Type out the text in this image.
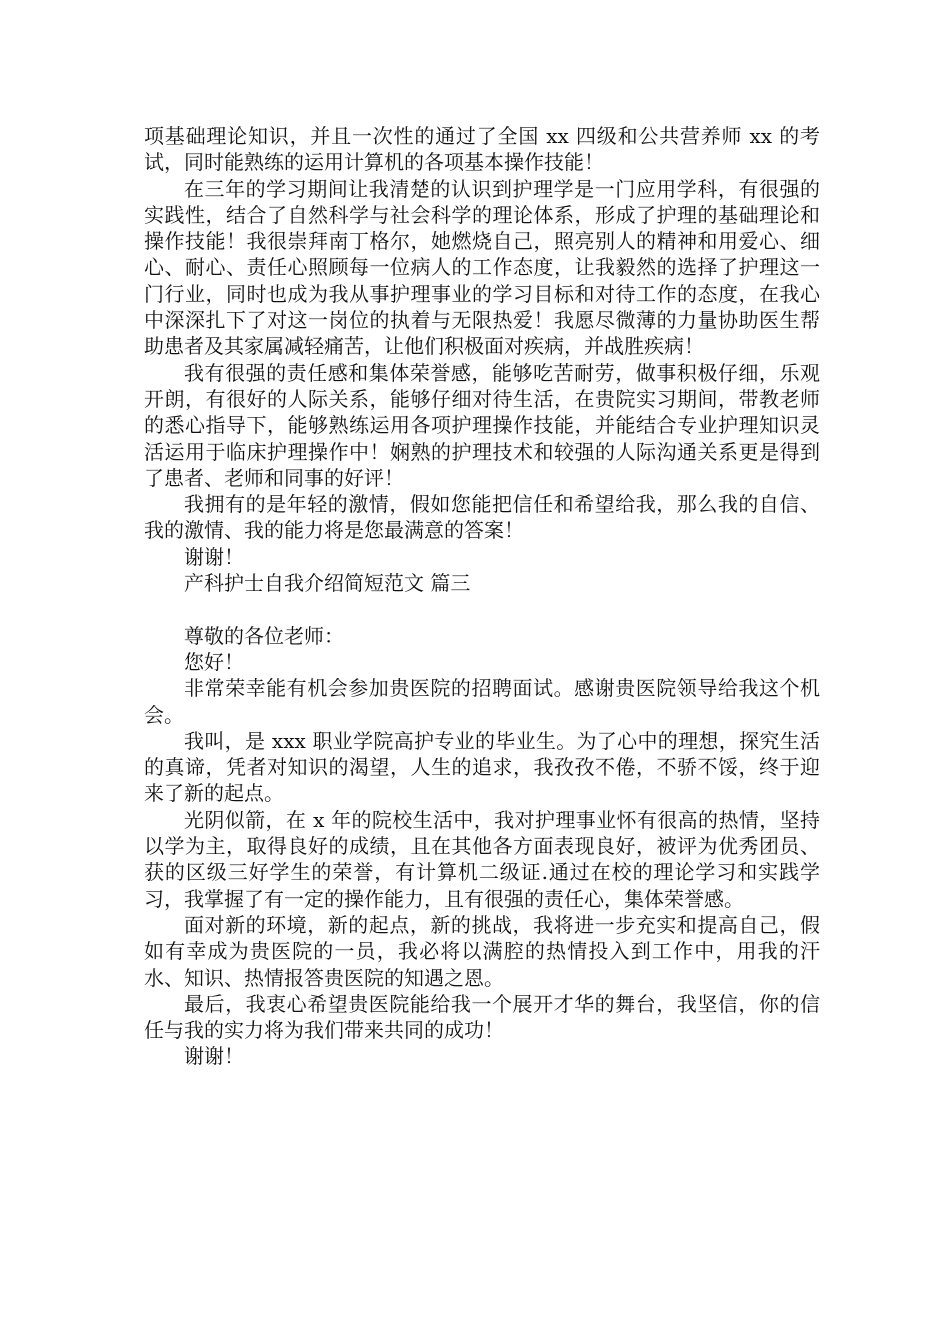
项基础理论知识，并且一次性的通过了全国 xx 四级和公共营养师 xx 的考试，同时能熟练的运用计算机的各项基本操作技能！

在三年的学习期间让我清楚的认识到护理学是一门应用学科，有很强的实践性，结合了自然科学与社会科学的理论体系，形成了护理的基础理论和操作技能！我很崇拜南丁格尔，她燃烧自己，照亮别人的精神和用爱心、细心、耐心、责任心照顾每一位病人的工作态度，让我毅然的选择了护理这一门行业，同时也成为我从事护理事业的学习目标和对待工作的态度，在我心中深深扎下了对这一岗位的执着与无限热爱！我愿尽微薄的力量协助医生帮助患者及其家属减轻痛苦，让他们积极面对疾病，并战胜疾病！

我有很强的责任感和集体荣誉感，能够吃苦耐劳，做事积极仔细，乐观开朗，有很好的人际关系，能够仔细对待生活，在贵院实习期间，带教老师的悉心指导下，能够熟练运用各项护理操作技能，并能结合专业护理知识灵活运用于临床护理操作中！娴熟的护理技术和较强的人际沟通关系更是得到了患者、老师和同事的好评！

我拥有的是年轻的激情，假如您能把信任和希望给我，那么我的自信、我的激情、我的能力将是您最满意的答案！

谢谢！

产科护士自我介绍简短范文 篇三

尊敬的各位老师：

您好！

非常荣幸能有机会参加贵医院的招聘面试。感谢贵医院领导给我这个机会。

我叫，是 xxx 职业学院高护专业的毕业生。为了心中的理想，探究生活的真谛，凭者对知识的渴望，人生的追求，我孜孜不倦，不骄不馁，终于迎来了新的起点。

光阴似箭，在 x 年的院校生活中，我对护理事业怀有很高的热情，坚持以学为主，取得良好的成绩，且在其他各方面表现良好，被评为优秀团员、获的区级三好学生的荣誉，有计算机二级证.通过在校的理论学习和实践学习，我掌握了有一定的操作能力，且有很强的责任心，集体荣誉感。

面对新的环境，新的起点，新的挑战，我将进一步充实和提高自己，假如有幸成为贵医院的一员，我必将以满腔的热情投入到工作中，用我的汗水、知识、热情报答贵医院的知遇之恩。

最后，我衷心希望贵医院能给我一个展开才华的舞台，我坚信，你的信任与我的实力将为我们带来共同的成功！

谢谢！
